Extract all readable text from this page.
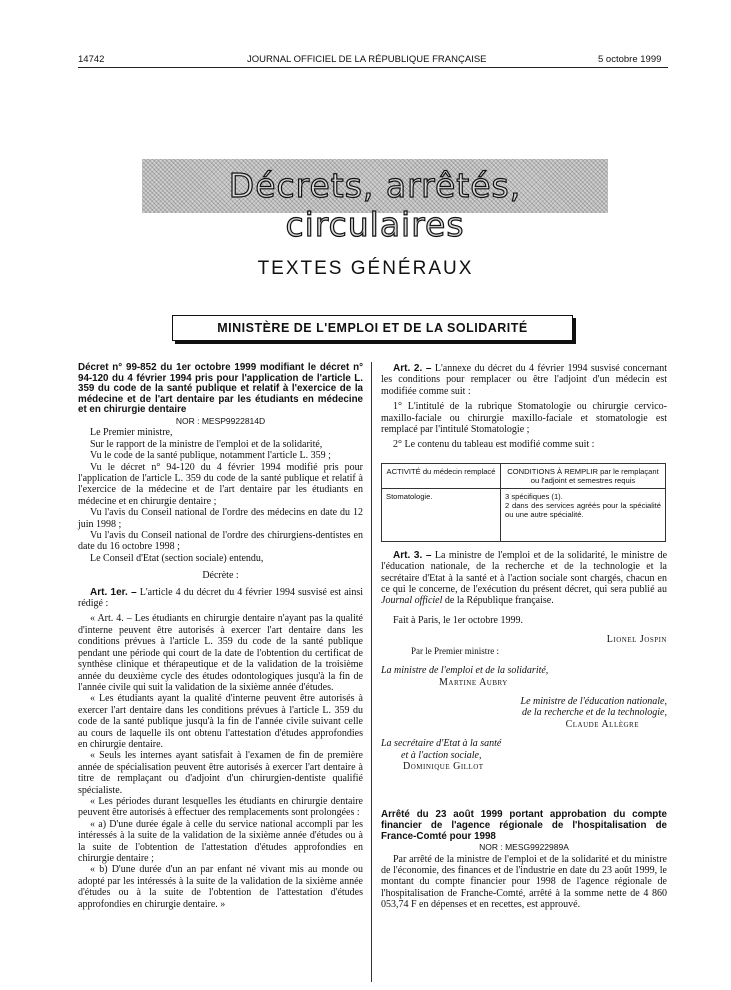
14742	JOURNAL OFFICIEL DE LA RÉPUBLIQUE FRANÇAISE	5 octobre 1999
Décrets, arrêtés, circulaires
TEXTES GÉNÉRAUX
MINISTÈRE DE L'EMPLOI ET DE LA SOLIDARITÉ

Décret n° 99-852 du 1er octobre 1999 modifiant le décret n° 94-120 du 4 février 1994 pris pour l'application de l'article L. 359 du code de la santé publique et relatif à l'exercice de la médecine et de l'art dentaire par les étudiants en médecine et en chirurgie dentaire

NOR : MESP9922814D

Le Premier ministre,

Sur le rapport de la ministre de l'emploi et de la solidarité,

Vu le code de la santé publique, notamment l'article L. 359 ;

Vu le décret n° 94-120 du 4 février 1994 modifié pris pour l'application de l'article L. 359 du code de la santé publique et relatif à l'exercice de la médecine et de l'art dentaire par les étudiants en médecine et en chirurgie dentaire ;

Vu l'avis du Conseil national de l'ordre des médecins en date du 12 juin 1998 ;

Vu l'avis du Conseil national de l'ordre des chirurgiens-dentistes en date du 16 octobre 1998 ;

Le Conseil d'Etat (section sociale) entendu,

Décrète :

Art. 1er. – L'article 4 du décret du 4 février 1994 susvisé est ainsi rédigé :

« Art. 4. – Les étudiants en chirurgie dentaire n'ayant pas la qualité d'interne peuvent être autorisés à exercer l'art dentaire dans les conditions prévues à l'article L. 359 du code de la santé publique pendant une période qui court de la date de l'obtention du certificat de synthèse clinique et thérapeutique et de la validation de la troisième année du deuxième cycle des études odontologiques jusqu'à la fin de l'année civile qui suit la validation de la sixième année d'études.

« Les étudiants ayant la qualité d'interne peuvent être autorisés à exercer l'art dentaire dans les conditions prévues à l'article L. 359 du code de la santé publique jusqu'à la fin de l'année civile suivant celle au cours de laquelle ils ont obtenu l'attestation d'études approfondies en chirurgie dentaire.

« Seuls les internes ayant satisfait à l'examen de fin de première année de spécialisation peuvent être autorisés à exercer l'art dentaire à titre de remplaçant ou d'adjoint d'un chirurgien-dentiste qualifié spécialiste.

« Les périodes durant lesquelles les étudiants en chirurgie dentaire peuvent être autorisés à effectuer des remplacements sont prolongées :

« a) D'une durée égale à celle du service national accompli par les intéressés à la suite de la validation de la sixième année d'études ou à la suite de l'obtention de l'attestation d'études approfondies en chirurgie dentaire ;

« b) D'une durée d'un an par enfant né vivant mis au monde ou adopté par les intéressés à la suite de la validation de la sixième année d'études ou à la suite de l'obtention de l'attestation d'études approfondies en chirurgie dentaire. »

Art. 2. – L'annexe du décret du 4 février 1994 susvisé concernant les conditions pour remplacer ou être l'adjoint d'un médecin est modifiée comme suit :

1° L'intitulé de la rubrique Stomatologie ou chirurgie cervico-maxillo-faciale ou chirurgie maxillo-faciale et stomatologie est remplacé par l'intitulé Stomatologie ;

2° Le contenu du tableau est modifié comme suit :

ACTIVITÉ du médecin remplacé	CONDITIONS À REMPLIR par le remplaçant ou l'adjoint et semestres requis
Stomatologie.	3 spécifiques (1).
2 dans des services agréés pour la spécialité ou une autre spécialité.

Art. 3. – La ministre de l'emploi et de la solidarité, le ministre de l'éducation nationale, de la recherche et de la technologie et la secrétaire d'Etat à la santé et à l'action sociale sont chargés, chacun en ce qui le concerne, de l'exécution du présent décret, qui sera publié au Journal officiel de la République française.

Fait à Paris, le 1er octobre 1999.

Lionel Jospin

Par le Premier ministre :

La ministre de l'emploi et de la solidarité,

Martine Aubry

Le ministre de l'éducation nationale,

de la recherche et de la technologie,

Claude Allègre

La secrétaire d'Etat à la santé

et à l'action sociale,

Dominique Gillot

Arrêté du 23 août 1999 portant approbation du compte financier de l'agence régionale de l'hospitalisation de France-Comté pour 1998

NOR : MESG9922989A

Par arrêté de la ministre de l'emploi et de la solidarité et du ministre de l'économie, des finances et de l'industrie en date du 23 août 1999, le montant du compte financier pour 1998 de l'agence régionale de l'hospitalisation de Franche-Comté, arrêté à la somme nette de 4 860 053,74 F en dépenses et en recettes, est approuvé.
